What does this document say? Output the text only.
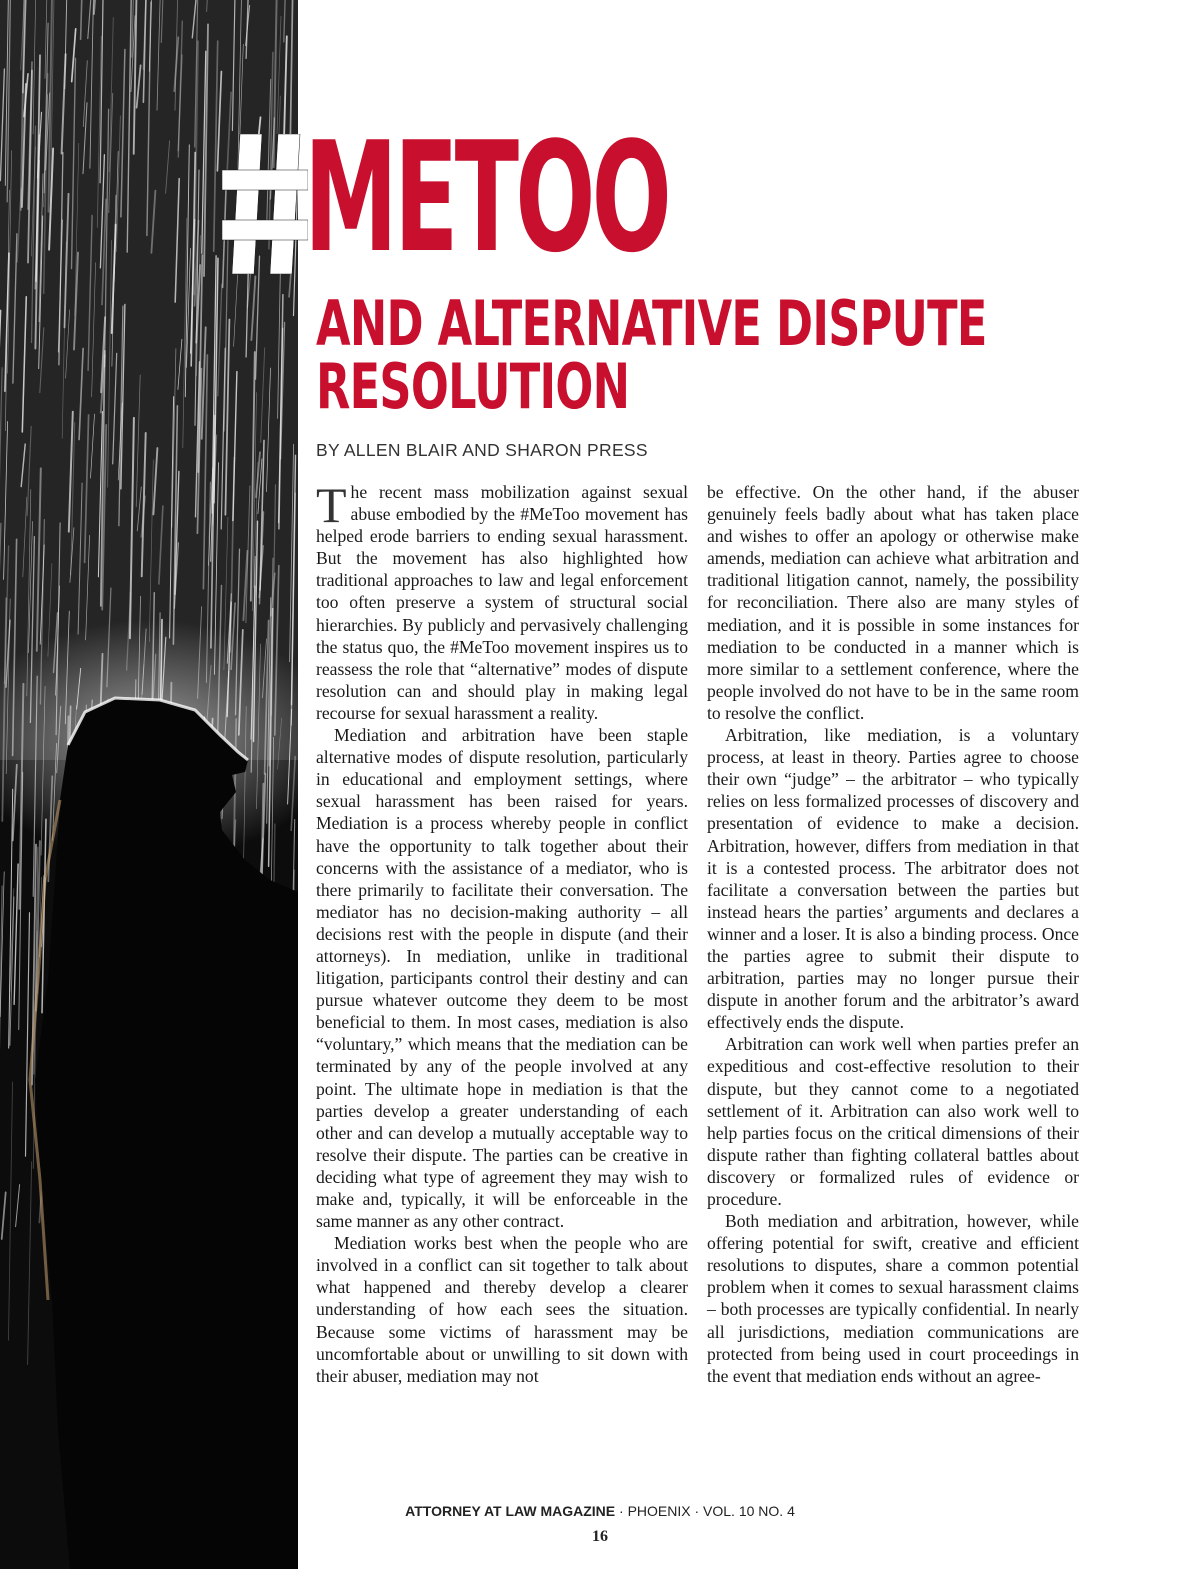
METOO
AND ALTERNATIVE DISPUTE
RESOLUTION
BY ALLEN BLAIR AND SHARON PRESS

The recent mass mobilization against sexual abuse embodied by the #MeToo movement has helped erode barriers to ending sexual harassment. But the movement has also highlighted how traditional approaches to law and legal enforcement too often preserve a system of structural social hierarchies. By publicly and pervasively challenging the status quo, the #MeToo movement inspires us to reassess the role that “alternative” modes of dispute resolution can and should play in making legal recourse for sexual harassment a reality.

Mediation and arbitration have been staple alternative modes of dispute resolution, particularly in educational and employment settings, where sexual harassment has been raised for years. Mediation is a process whereby people in conflict have the opportunity to talk together about their concerns with the assistance of a mediator, who is there primarily to facilitate their conversation. The mediator has no decision-making authority – all decisions rest with the people in dispute (and their attorneys). In mediation, unlike in traditional litigation, participants control their destiny and can pursue whatever outcome they deem to be most beneficial to them. In most cases, mediation is also “voluntary,” which means that the mediation can be terminated by any of the people involved at any point. The ultimate hope in mediation is that the parties develop a greater understanding of each other and can develop a mutually acceptable way to resolve their dispute. The parties can be creative in deciding what type of agreement they may wish to make and, typically, it will be enforceable in the same manner as any other contract.

Mediation works best when the people who are involved in a conflict can sit together to talk about what happened and thereby develop a clearer understanding of how each sees the situation. Because some victims of harassment may be uncomfortable about or unwilling to sit down with their abuser, mediation may not

be effective. On the other hand, if the abuser genuinely feels badly about what has taken place and wishes to offer an apology or otherwise make amends, mediation can achieve what arbitration and traditional litigation cannot, namely, the possibility for reconciliation. There also are many styles of mediation, and it is possible in some instances for mediation to be conducted in a manner which is more similar to a settlement conference, where the people involved do not have to be in the same room to resolve the conflict.

Arbitration, like mediation, is a voluntary process, at least in theory. Parties agree to choose their own “judge” – the arbitrator – who typically relies on less formalized processes of discovery and presentation of evidence to make a decision. Arbitration, however, differs from mediation in that it is a contested process. The arbitrator does not facilitate a conversation between the parties but instead hears the parties’ arguments and declares a winner and a loser. It is also a binding process. Once the parties agree to submit their dispute to arbitration, parties may no longer pursue their dispute in another forum and the arbitrator’s award effectively ends the dispute.

Arbitration can work well when parties prefer an expeditious and cost-effective resolution to their dispute, but they cannot come to a negotiated settlement of it. Arbitration can also work well to help parties focus on the critical dimensions of their dispute rather than fighting collateral battles about discovery or formalized rules of evidence or procedure.

Both mediation and arbitration, however, while offering potential for swift, creative and efficient resolutions to disputes, share a common potential problem when it comes to sexual harassment claims – both processes are typically confidential. In nearly all jurisdictions, mediation communications are protected from being used in court proceedings in the event that mediation ends without an agree-

ATTORNEY AT LAW MAGAZINE · PHOENIX · VOL. 10 NO. 4
16
